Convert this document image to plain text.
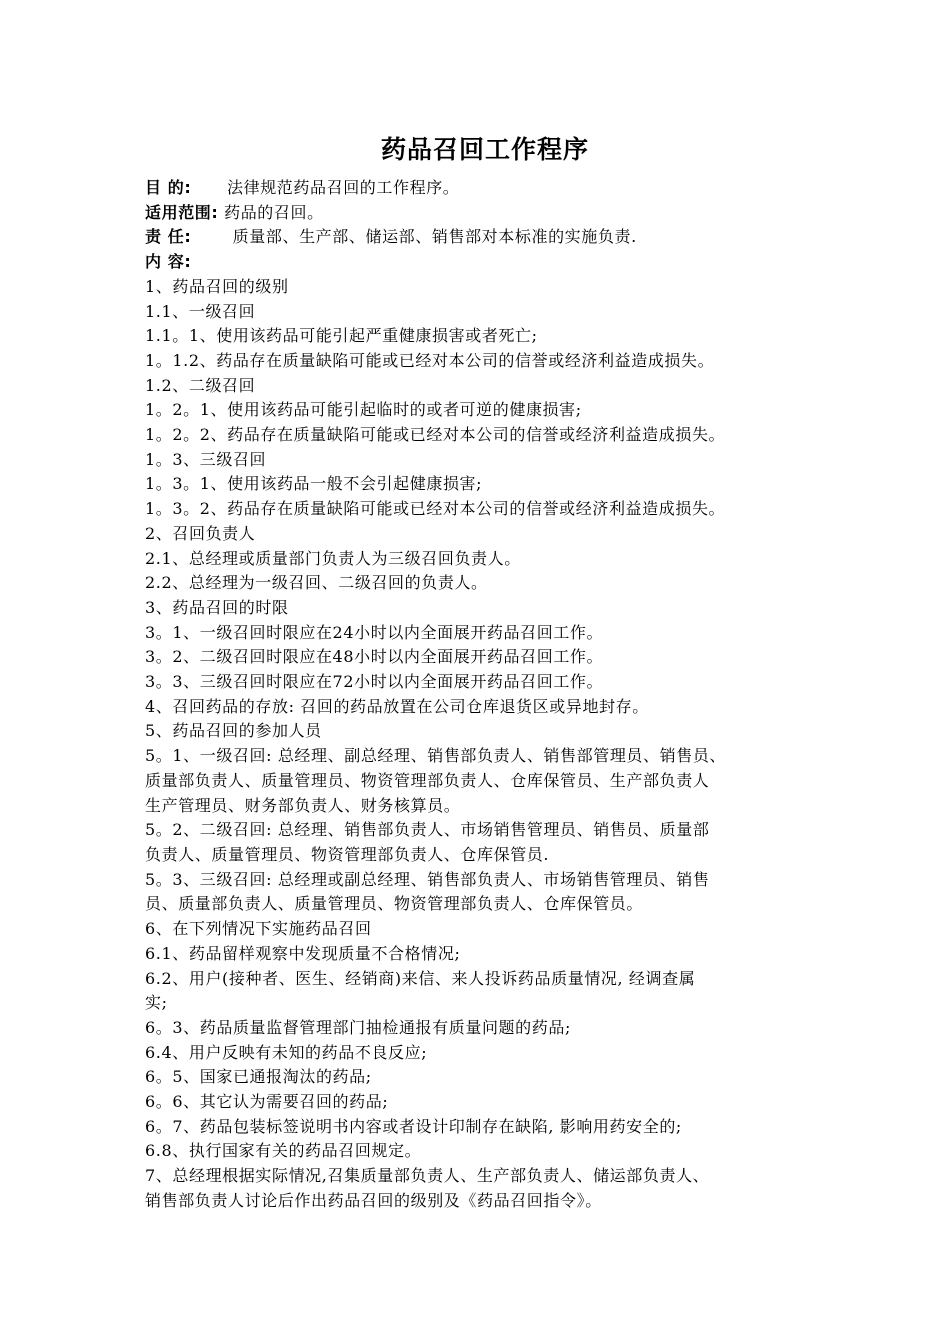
药品召回工作程序
目 的: 法律规范药品召回的工作程序。
适用范围: 药品的召回。
责 任: 质量部、生产部、储运部、销售部对本标准的实施负责.
内 容:
1、药品召回的级别
1.1、一级召回
1.1。1、使用该药品可能引起严重健康损害或者死亡;
1。1.2、药品存在质量缺陷可能或已经对本公司的信誉或经济利益造成损失。
1.2、二级召回
1。2。1、使用该药品可能引起临时的或者可逆的健康损害;
1。2。2、药品存在质量缺陷可能或已经对本公司的信誉或经济利益造成损失。
1。3、三级召回
1。3。1、使用该药品一般不会引起健康损害;
1。3。2、药品存在质量缺陷可能或已经对本公司的信誉或经济利益造成损失。
2、召回负责人
2.1、总经理或质量部门负责人为三级召回负责人。
2.2、总经理为一级召回、二级召回的负责人。
3、药品召回的时限
3。1、一级召回时限应在24小时以内全面展开药品召回工作。
3。2、二级召回时限应在48小时以内全面展开药品召回工作。
3。3、三级召回时限应在72小时以内全面展开药品召回工作。
4、召回药品的存放: 召回的药品放置在公司仓库退货区或异地封存。
5、药品召回的参加人员
5。1、一级召回: 总经理、副总经理、销售部负责人、销售部管理员、销售员、
质量部负责人、质量管理员、物资管理部负责人、仓库保管员、生产部负责人
生产管理员、财务部负责人、财务核算员。
5。2、二级召回: 总经理、销售部负责人、市场销售管理员、销售员、质量部
负责人、质量管理员、物资管理部负责人、仓库保管员.
5。3、三级召回: 总经理或副总经理、销售部负责人、市场销售管理员、销售
员、质量部负责人、质量管理员、物资管理部负责人、仓库保管员。
6、在下列情况下实施药品召回
6.1、药品留样观察中发现质量不合格情况;
6.2、用户(接种者、医生、经销商)来信、来人投诉药品质量情况, 经调查属
实;
6。3、药品质量监督管理部门抽检通报有质量问题的药品;
6.4、用户反映有未知的药品不良反应;
6。5、国家已通报淘汰的药品;
6。6、其它认为需要召回的药品;
6。7、药品包装标签说明书内容或者设计印制存在缺陷, 影响用药安全的;
6.8、执行国家有关的药品召回规定。
7、总经理根据实际情况,召集质量部负责人、生产部负责人、储运部负责人、
销售部负责人讨论后作出药品召回的级别及《药品召回指令》。
